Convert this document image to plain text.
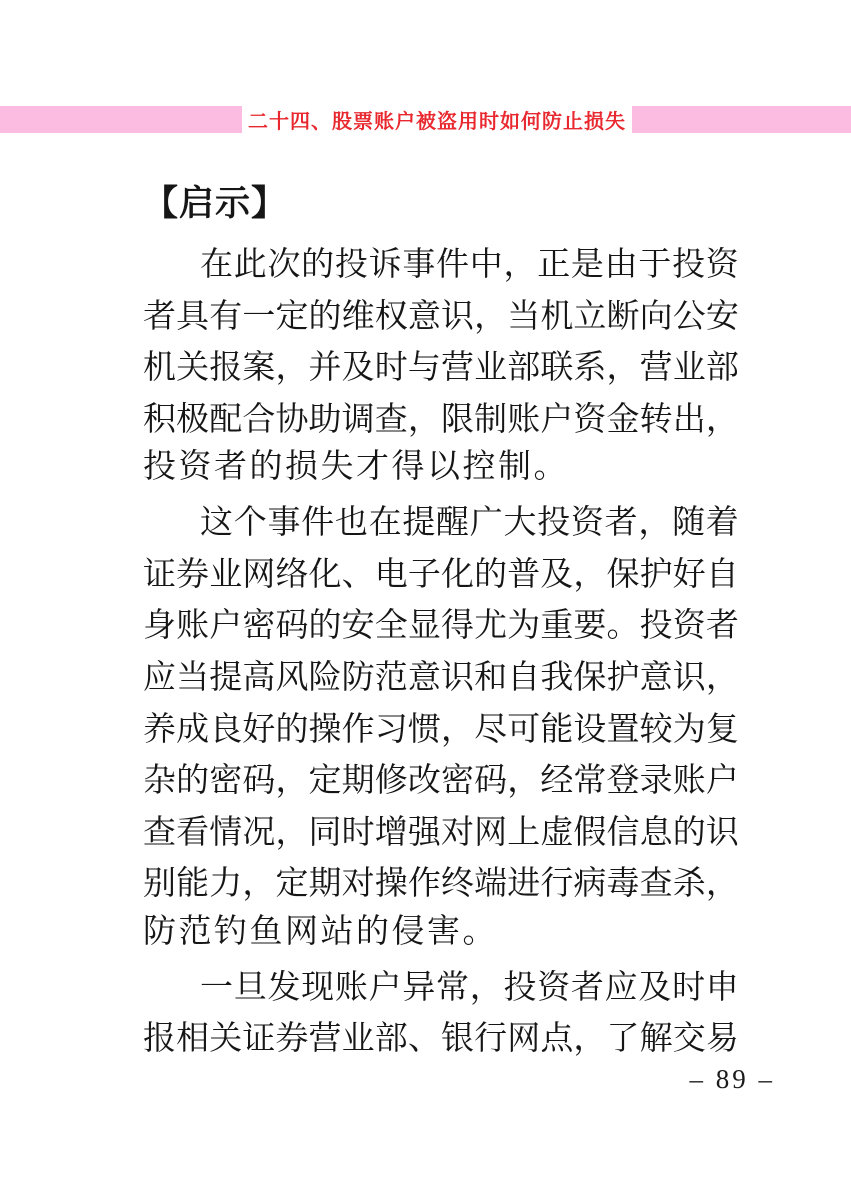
二十四、股票账户被盗用时如何防止损失
【启示】
在 此 次 的 投 诉 事 件 中 ， 正 是 由 于 投 资
者 具 有 一 定 的 维 权 意 识 ， 当 机 立 断 向 公 安
机 关 报 案 ， 并 及 时 与 营 业 部 联 系 ， 营 业 部
积 极 配 合 协 助 调 查 ， 限 制 账 户 资 金 转 出 ，
投资者的损失才得以控制。
这 个 事 件 也 在 提 醒 广 大 投 资 者 ， 随 着
证 券 业 网 络 化 、 电 子 化 的 普 及 ， 保 护 好 自
身 账 户 密 码 的 安 全 显 得 尤 为 重 要 。 投 资 者
应 当 提 高 风 险 防 范 意 识 和 自 我 保 护 意 识 ，
养 成 良 好 的 操 作 习 惯 ， 尽 可 能 设 置 较 为 复
杂 的 密 码 ， 定 期 修 改 密 码 ， 经 常 登 录 账 户
查 看 情 况 ， 同 时 增 强 对 网 上 虚 假 信 息 的 识
别 能 力 ， 定 期 对 操 作 终 端 进 行 病 毒 查 杀 ，
防范钓鱼网站的侵害。
一 旦 发 现 账 户 异 常 ， 投 资 者 应 及 时 申
报 相 关 证 券 营 业 部 、 银 行 网 点 ， 了 解 交 易
– 89 –
